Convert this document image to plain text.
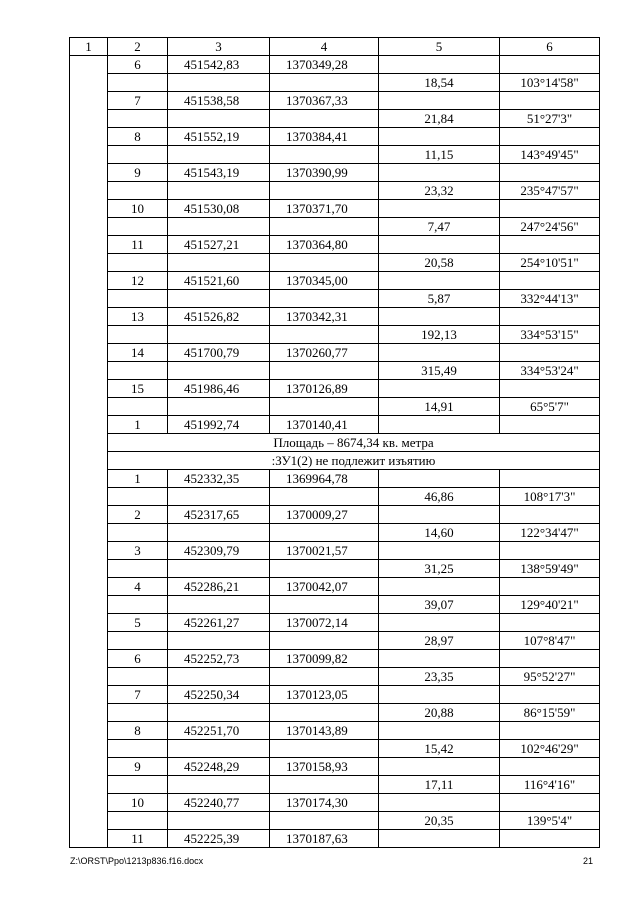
1	2	3	4	5	6
	6	451542,83	1370349,28		
				18,54	103°14'58"
	7	451538,58	1370367,33		
				21,84	51°27'3"
	8	451552,19	1370384,41		
				11,15	143°49'45"
	9	451543,19	1370390,99		
				23,32	235°47'57"
	10	451530,08	1370371,70		
				7,47	247°24'56"
	11	451527,21	1370364,80		
				20,58	254°10'51"
	12	451521,60	1370345,00		
				5,87	332°44'13"
	13	451526,82	1370342,31		
				192,13	334°53'15"
	14	451700,79	1370260,77		
				315,49	334°53'24"
	15	451986,46	1370126,89		
				14,91	65°5'7"
	1	451992,74	1370140,41		
	Площадь – 8674,34 кв. метра				
	:ЗУ1(2) не подлежит изъятию				
	1	452332,35	1369964,78		
				46,86	108°17'3"
	2	452317,65	1370009,27		
				14,60	122°34'47"
	3	452309,79	1370021,57		
				31,25	138°59'49"
	4	452286,21	1370042,07		
				39,07	129°40'21"
	5	452261,27	1370072,14		
				28,97	107°8'47"
	6	452252,73	1370099,82		
				23,35	95°52'27"
	7	452250,34	1370123,05		
				20,88	86°15'59"
	8	452251,70	1370143,89		
				15,42	102°46'29"
	9	452248,29	1370158,93		
				17,11	116°4'16"
	10	452240,77	1370174,30		
				20,35	139°5'4"
	11	452225,39	1370187,63		
Z:\ORST\Ppo\1213p836.f16.docx	21
